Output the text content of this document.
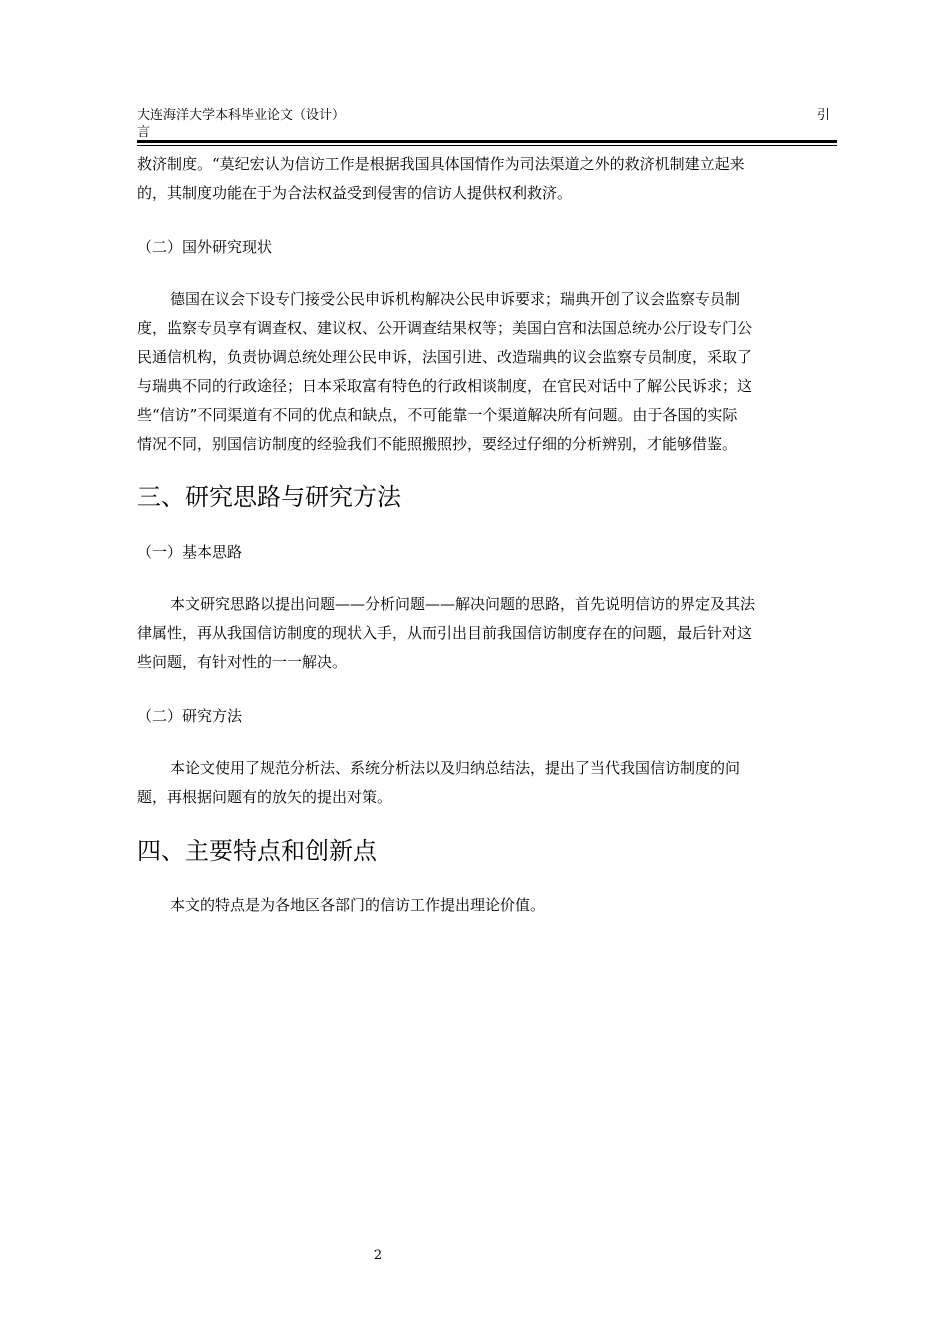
大连海洋大学本科毕业论文（设计）	引
言

救济制度。“莫纪宏认为信访工作是根据我国具体国情作为司法渠道之外的救济机制建立起来
的，其制度功能在于为合法权益受到侵害的信访人提供权利救济。

（二）国外研究现状

德国在议会下设专门接受公民申诉机构解决公民申诉要求；瑞典开创了议会监察专员制
度，监察专员享有调查权、建议权、公开调查结果权等；美国白宫和法国总统办公厅设专门公
民通信机构，负责协调总统处理公民申诉，法国引进、改造瑞典的议会监察专员制度，采取了
与瑞典不同的行政途径；日本采取富有特色的行政相谈制度，在官民对话中了解公民诉求；这
些“信访”不同渠道有不同的优点和缺点，不可能靠一个渠道解决所有问题。由于各国的实际
情况不同，别国信访制度的经验我们不能照搬照抄，要经过仔细的分析辨别，才能够借鉴。

三、研究思路与研究方法
（一）基本思路

本文研究思路以提出问题——分析问题——解决问题的思路，首先说明信访的界定及其法
律属性，再从我国信访制度的现状入手，从而引出目前我国信访制度存在的问题，最后针对这
些问题，有针对性的一一解决。

（二）研究方法

本论文使用了规范分析法、系统分析法以及归纳总结法，提出了当代我国信访制度的问
题，再根据问题有的放矢的提出对策。

四、主要特点和创新点

本文的特点是为各地区各部门的信访工作提出理论价值。

2
